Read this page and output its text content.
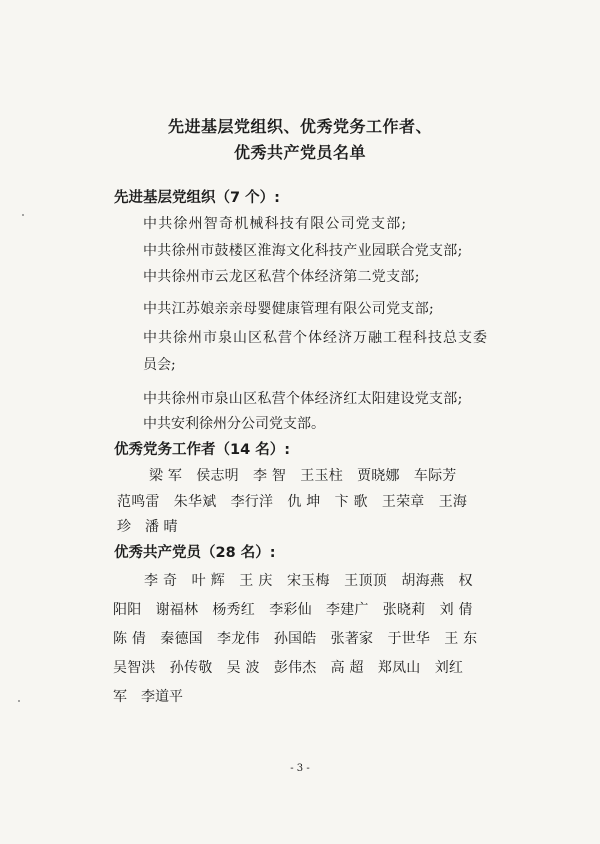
先进基层党组织、优秀党务工作者、
优秀共产党员名单
先进基层党组织（7 个）:
中共徐州智奇机械科技有限公司党支部;
中共徐州市鼓楼区淮海文化科技产业园联合党支部;
中共徐州市云龙区私营个体经济第二党支部;
中共江苏娘亲亲母婴健康管理有限公司党支部;
中共徐州市泉山区私营个体经济万融工程科技总支委
员会;
中共徐州市泉山区私营个体经济红太阳建设党支部;
中共安利徐州分公司党支部。
优秀党务工作者（14 名）:
梁 军　侯志明　李 智　王玉柱　贾晓娜　车际芳
范鸣雷　朱华斌　李行洋　仇 坤　卞 歌　王荣章　王海
珍　潘 晴
优秀共产党员（28 名）:
李 奇　叶 辉　王 庆　宋玉梅　王顶顶　胡海燕　权
阳阳　谢福林　杨秀红　李彩仙　李建广　张晓莉　刘 倩
陈 倩　秦德国　李龙伟　孙国皓　张著家　于世华　王 东
吴智洪　孙传敬　吴 波　彭伟杰　高 超　郑凤山　刘红
军　李道平
- 3 -
